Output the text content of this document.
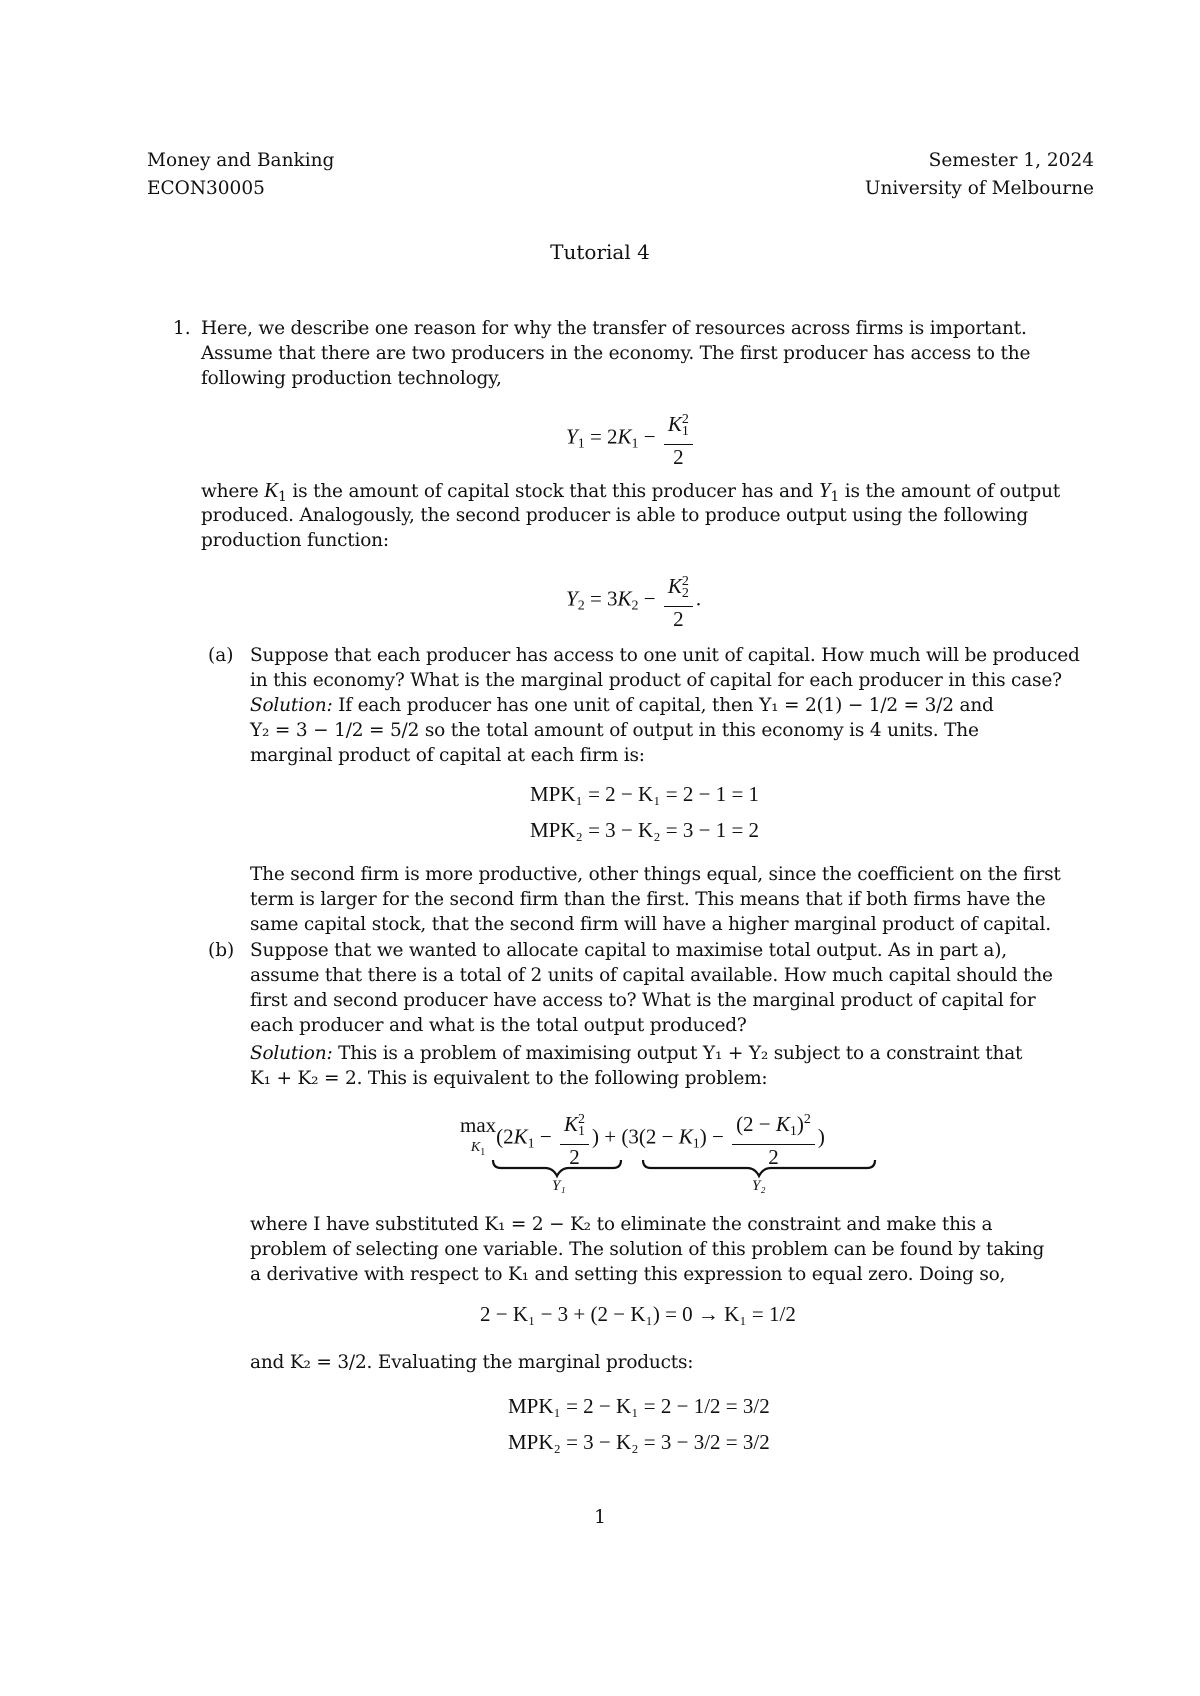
Money and Banking
ECON30005
Semester 1, 2024
University of Melbourne
Tutorial 4
1. Here, we describe one reason for why the transfer of resources across firms is important.
Assume that there are two producers in the economy. The first producer has access to the
following production technology,
$Y_1 = 2K_1 - \frac{K^2_1}{2}$
where $K_1$ is the amount of capital stock that this producer has and $Y_1$ is the amount of output
produced. Analogously, the second producer is able to produce output using the following
production function:
$Y_2 = 3K_2 - \frac{K^2_2}{2}$ .
(a) Suppose that each producer has access to one unit of capital. How much will be produced
in this economy? What is the marginal product of capital for each producer in this case?
Solution: If each producer has one unit of capital, then Y₁ = 2(1) − 1/2 = 3/2 and
Y₂ = 3 − 1/2 = 5/2 so the total amount of output in this economy is 4 units. The
marginal product of capital at each firm is:
MPK₁ = 2 − K₁ = 2 − 1 = 1
MPK₂ = 3 − K₂ = 3 − 1 = 2
The second firm is more productive, other things equal, since the coefficient on the first
term is larger for the second firm than the first. This means that if both firms have the
same capital stock, that the second firm will have a higher marginal product of capital.
(b) Suppose that we wanted to allocate capital to maximise total output. As in part a),
assume that there is a total of 2 units of capital available. How much capital should the
first and second producer have access to? What is the marginal product of capital for
each producer and what is the total output produced?
Solution: This is a problem of maximising output Y₁ + Y₂ subject to a constraint that
K₁ + K₂ = 2. This is equivalent to the following problem:
max
$^{K_1}(2K_1 - \frac{K^2_1}{2}$ ) + ($3(2 - K_1) - \frac{(2 - K_1)^2}{2}$ )
Y₁	Y₂
where I have substituted K₁ = 2 − K₂ to eliminate the constraint and make this a
problem of selecting one variable. The solution of this problem can be found by taking
a derivative with respect to K₁ and setting this expression to equal zero. Doing so,
2 − K₁ − 3 + (2 − K₁) = 0 → K₁ = 1/2
and K₂ = 3/2. Evaluating the marginal products:
MPK₁ = 2 − K₁ = 2 − 1/2 = 3/2
MPK₂ = 3 − K₂ = 3 − 3/2 = 3/2
1
